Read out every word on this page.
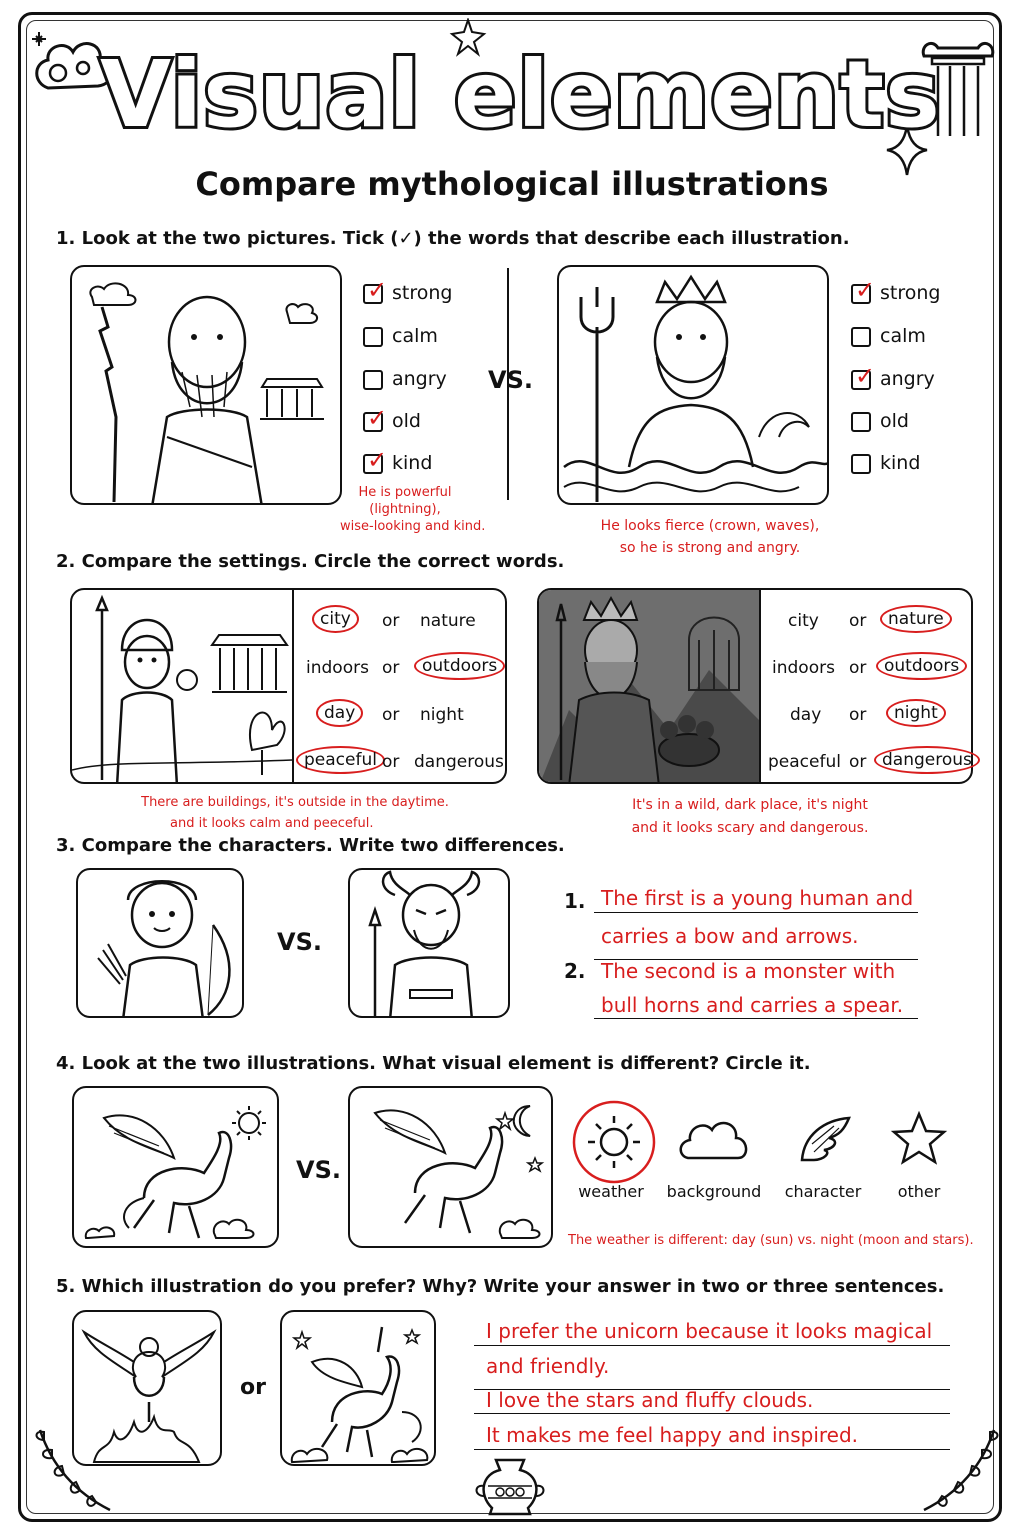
Visual elements
Compare mythological illustrations
1. Look at the two pictures. Tick (✓) the words that describe each illustration.
✓ strong
calm
angry
✓ old
✓ kind
He is powerful
(lightning),
wise-looking and kind.
VS.
✓ strong
calm
✓ angry
old
kind
He looks fierce (crown, waves),
so he is strong and angry.
2. Compare the settings. Circle the correct words.
city	or nature
indoors or	outdoors
day	or night
peaceful or dangerous
There are buildings, it's outside in the daytime.
and it looks calm and peeceful.
city or	nature
indoors or	outdoors
day or	night
peaceful or dangerous
It's in a wild, dark place, it's night
and it looks scary and dangerous.
3. Compare the characters. Write two differences.
VS.
1. The first is a young human and
carries a bow and arrows.
2. The second is a monster with
bull horns and carries a spear.
4. Look at the two illustrations. What visual element is different? Circle it.
VS.
weather background character other
The weather is different: day (sun) vs. night (moon and stars).
5. Which illustration do you prefer? Why? Write your answer in two or three sentences.
or
I prefer the unicorn because it looks magical
and friendly.
I love the stars and fluffy clouds.
It makes me feel happy and inspired.
